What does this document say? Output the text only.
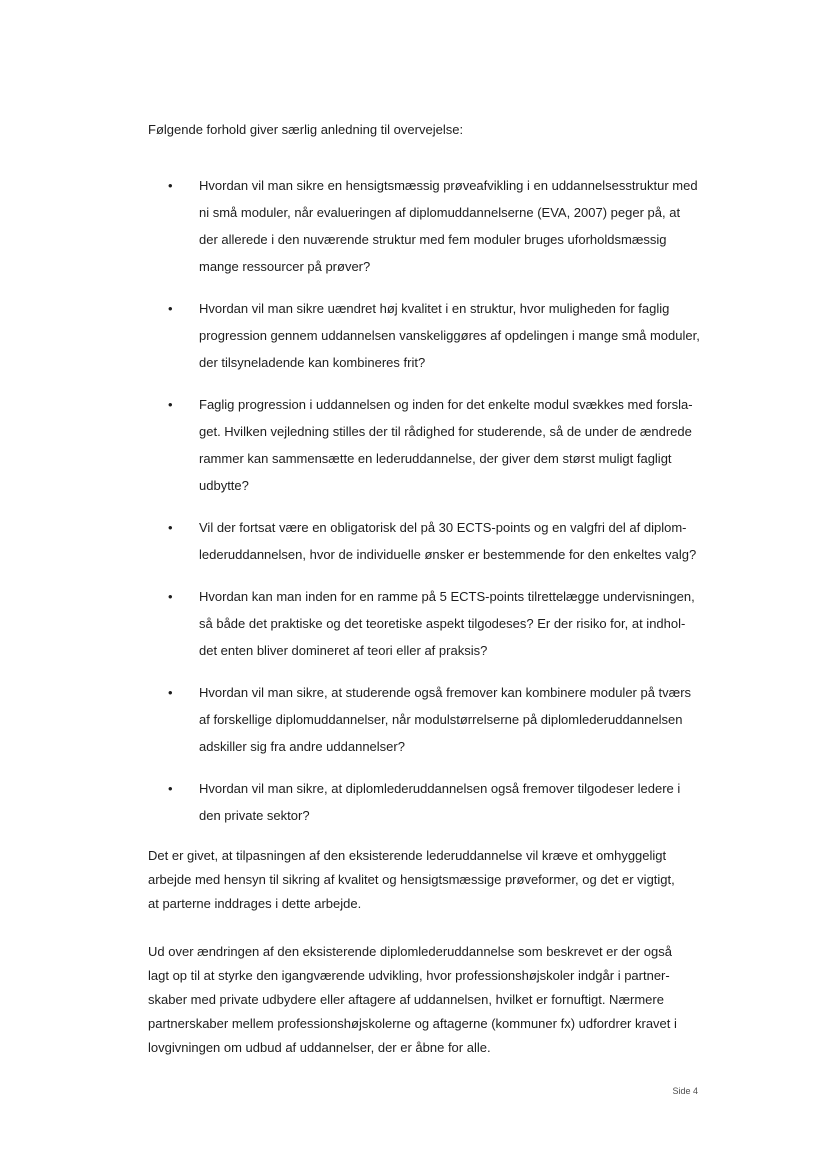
Følgende forhold giver særlig anledning til overvejelse:

• Hvordan vil man sikre en hensigtsmæssig prøveafvikling i en uddannelsesstruktur med
ni små moduler, når evalueringen af diplomuddannelserne (EVA, 2007) peger på, at
der allerede i den nuværende struktur med fem moduler bruges uforholdsmæssig
mange ressourcer på prøver?
• Hvordan vil man sikre uændret høj kvalitet i en struktur, hvor muligheden for faglig
progression gennem uddannelsen vanskeliggøres af opdelingen i mange små moduler,
der tilsyneladende kan kombineres frit?
• Faglig progression i uddannelsen og inden for det enkelte modul svækkes med forsla-
get. Hvilken vejledning stilles der til rådighed for studerende, så de under de ændrede
rammer kan sammensætte en lederuddannelse, der giver dem størst muligt fagligt
udbytte?
• Vil der fortsat være en obligatorisk del på 30 ECTS-points og en valgfri del af diplom-
lederuddannelsen, hvor de individuelle ønsker er bestemmende for den enkeltes valg?
• Hvordan kan man inden for en ramme på 5 ECTS-points tilrettelægge undervisningen,
så både det praktiske og det teoretiske aspekt tilgodeses? Er der risiko for, at indhol-
det enten bliver domineret af teori eller af praksis?
• Hvordan vil man sikre, at studerende også fremover kan kombinere moduler på tværs
af forskellige diplomuddannelser, når modulstørrelserne på diplomlederuddannelsen
adskiller sig fra andre uddannelser?
• Hvordan vil man sikre, at diplomlederuddannelsen også fremover tilgodeser ledere i
den private sektor?
Det er givet, at tilpasningen af den eksisterende lederuddannelse vil kræve et omhyggeligt
arbejde med hensyn til sikring af kvalitet og hensigtsmæssige prøveformer, og det er vigtigt,
at parterne inddrages i dette arbejde.
Ud over ændringen af den eksisterende diplomlederuddannelse som beskrevet er der også
lagt op til at styrke den igangværende udvikling, hvor professionshøjskoler indgår i partner-
skaber med private udbydere eller aftagere af uddannelsen, hvilket er fornuftigt. Nærmere
partnerskaber mellem professionshøjskolerne og aftagerne (kommuner fx) udfordrer kravet i
lovgivningen om udbud af uddannelser, der er åbne for alle.
Side 4
